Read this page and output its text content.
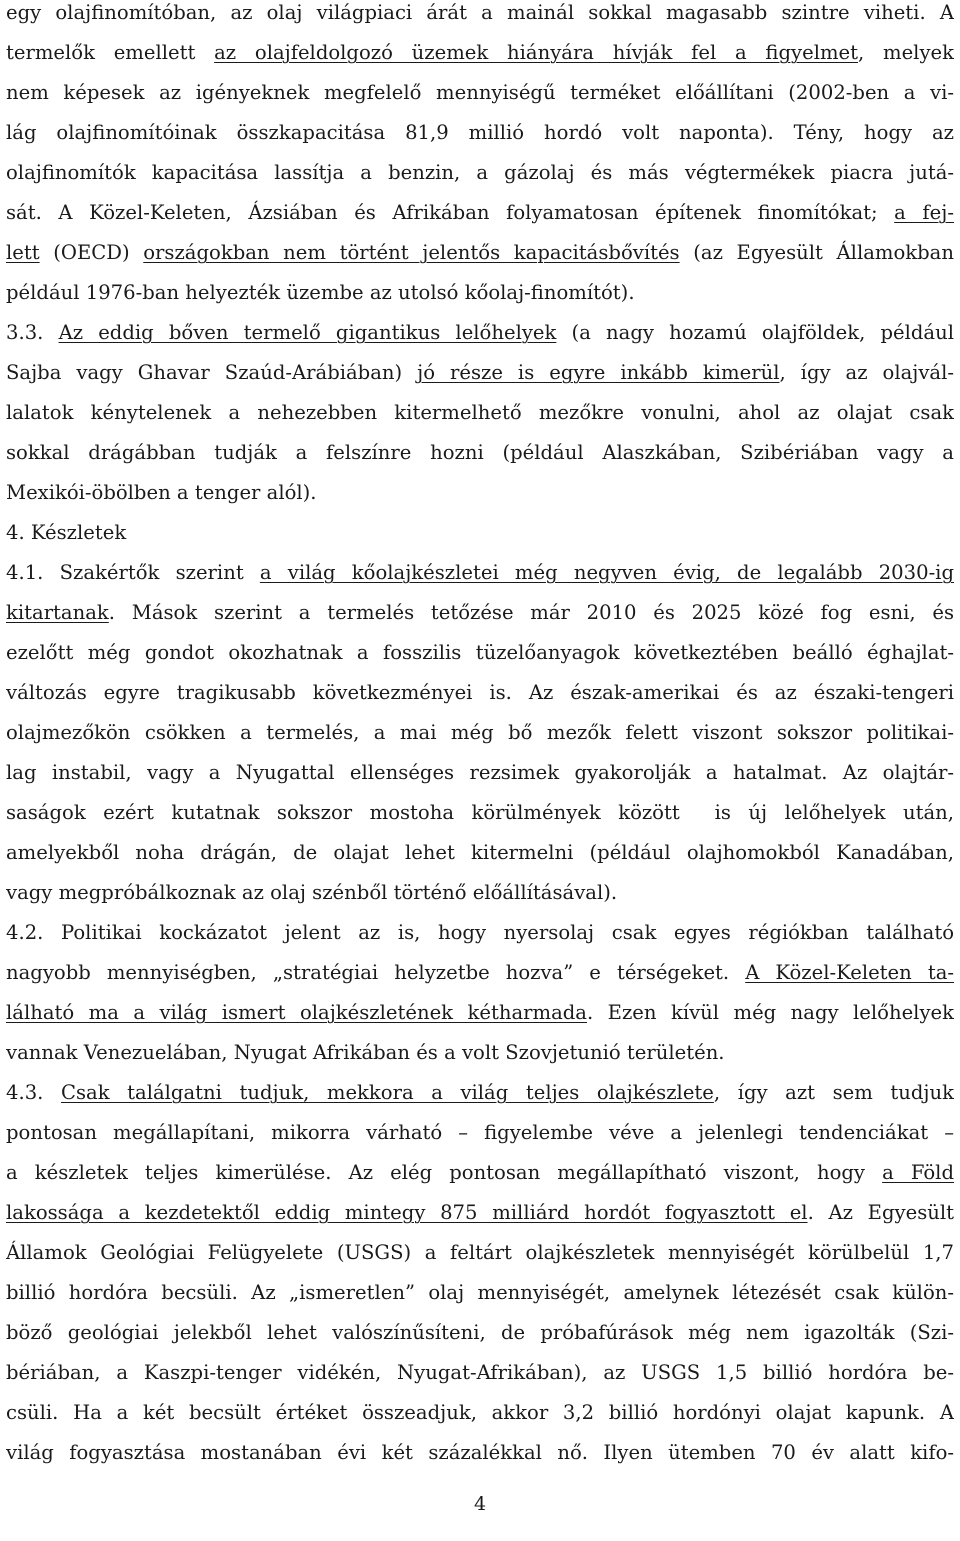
egy olajfinomítóban, az olaj világpiaci árát a mainál sokkal magasabb szintre viheti. A
termelők emellett az olajfeldolgozó üzemek hiányára hívják fel a figyelmet, melyek
nem képesek az igényeknek megfelelő mennyiségű terméket előállítani (2002-ben a vi-
lág olajfinomítóinak összkapacitása 81,9 millió hordó volt naponta). Tény, hogy az
olajfinomítók kapacitása lassítja a benzin, a gázolaj és más végtermékek piacra jutá-
sát. A Közel-Keleten, Ázsiában és Afrikában folyamatosan építenek finomítókat; a fej-
lett (OECD) országokban nem történt jelentős kapacitásbővítés (az Egyesült Államokban
például 1976-ban helyezték üzembe az utolsó kőolaj-finomítót).
3.3. Az eddig bőven termelő gigantikus lelőhelyek (a nagy hozamú olajföldek, például
Sajba vagy Ghavar Szaúd-Arábiában) jó része is egyre inkább kimerül, így az olajvál-
lalatok kénytelenek a nehezebben kitermelhető mezőkre vonulni, ahol az olajat csak
sokkal drágábban tudják a felszínre hozni (például Alaszkában, Szibériában vagy a
Mexikói-öbölben a tenger alól).
4. Készletek
4.1. Szakértők szerint a világ kőolajkészletei még negyven évig, de legalább 2030-ig
kitartanak. Mások szerint a termelés tetőzése már 2010 és 2025 közé fog esni, és
ezelőtt még gondot okozhatnak a fosszilis tüzelőanyagok következtében beálló éghajlat-
változás egyre tragikusabb következményei is. Az észak-amerikai és az északi-tengeri
olajmezőkön csökken a termelés, a mai még bő mezők felett viszont sokszor politikai-
lag instabil, vagy a Nyugattal ellenséges rezsimek gyakorolják a hatalmat. Az olajtár-
saságok ezért kutatnak sokszor mostoha körülmények között  is új lelőhelyek után,
amelyekből noha drágán, de olajat lehet kitermelni (például olajhomokból Kanadában,
vagy megpróbálkoznak az olaj szénből történő előállításával).
4.2. Politikai kockázatot jelent az is, hogy nyersolaj csak egyes régiókban található
nagyobb mennyiségben, „stratégiai helyzetbe hozva” e térségeket. A Közel-Keleten ta-
lálható ma a világ ismert olajkészletének kétharmada. Ezen kívül még nagy lelőhelyek
vannak Venezuelában, Nyugat Afrikában és a volt Szovjetunió területén.
4.3. Csak találgatni tudjuk, mekkora a világ teljes olajkészlete, így azt sem tudjuk
pontosan megállapítani, mikorra várható – figyelembe véve a jelenlegi tendenciákat –
a készletek teljes kimerülése. Az elég pontosan megállapítható viszont, hogy a Föld
lakossága a kezdetektől eddig mintegy 875 milliárd hordót fogyasztott el. Az Egyesült
Államok Geológiai Felügyelete (USGS) a feltárt olajkészletek mennyiségét körülbelül 1,7
billió hordóra becsüli. Az „ismeretlen” olaj mennyiségét, amelynek létezését csak külön-
böző geológiai jelekből lehet valószínűsíteni, de próbafúrások még nem igazolták (Szi-
bériában, a Kaszpi-tenger vidékén, Nyugat-Afrikában), az USGS 1,5 billió hordóra be-
csüli. Ha a két becsült értéket összeadjuk, akkor 3,2 billió hordónyi olajat kapunk. A
világ fogyasztása mostanában évi két százalékkal nő. Ilyen ütemben 70 év alatt kifo-
4
